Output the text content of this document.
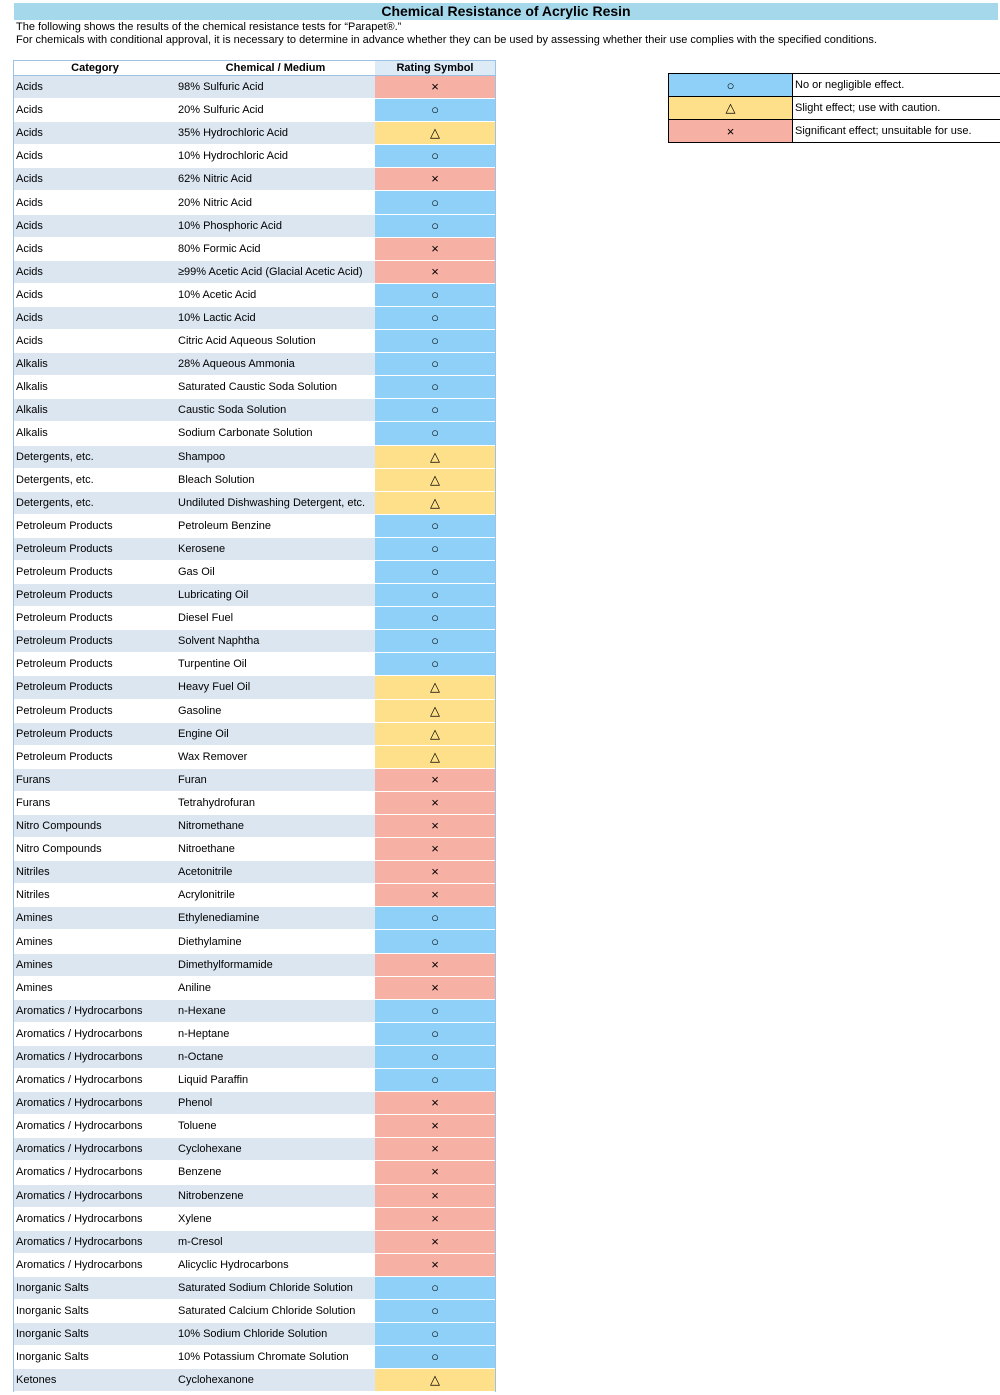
Chemical Resistance of Acrylic Resin
The following shows the results of the chemical resistance tests for “Parapet®.”
For chemicals with conditional approval, it is necessary to determine in advance whether they can be used by assessing whether their use complies with the specified conditions.
Category	Chemical / Medium	Rating Symbol
Acids	98% Sulfuric Acid	×
Acids	20% Sulfuric Acid	○
Acids	35% Hydrochloric Acid	△
Acids	10% Hydrochloric Acid	○
Acids	62% Nitric Acid	×
Acids	20% Nitric Acid	○
Acids	10% Phosphoric Acid	○
Acids	80% Formic Acid	×
Acids	≥99% Acetic Acid (Glacial Acetic Acid)	×
Acids	10% Acetic Acid	○
Acids	10% Lactic Acid	○
Acids	Citric Acid Aqueous Solution	○
Alkalis	28% Aqueous Ammonia	○
Alkalis	Saturated Caustic Soda Solution	○
Alkalis	Caustic Soda Solution	○
Alkalis	Sodium Carbonate Solution	○
Detergents, etc.	Shampoo	△
Detergents, etc.	Bleach Solution	△
Detergents, etc.	Undiluted Dishwashing Detergent, etc.	△
Petroleum Products	Petroleum Benzine	○
Petroleum Products	Kerosene	○
Petroleum Products	Gas Oil	○
Petroleum Products	Lubricating Oil	○
Petroleum Products	Diesel Fuel	○
Petroleum Products	Solvent Naphtha	○
Petroleum Products	Turpentine Oil	○
Petroleum Products	Heavy Fuel Oil	△
Petroleum Products	Gasoline	△
Petroleum Products	Engine Oil	△
Petroleum Products	Wax Remover	△
Furans	Furan	×
Furans	Tetrahydrofuran	×
Nitro Compounds	Nitromethane	×
Nitro Compounds	Nitroethane	×
Nitriles	Acetonitrile	×
Nitriles	Acrylonitrile	×
Amines	Ethylenediamine	○
Amines	Diethylamine	○
Amines	Dimethylformamide	×
Amines	Aniline	×
Aromatics / Hydrocarbons	n-Hexane	○
Aromatics / Hydrocarbons	n-Heptane	○
Aromatics / Hydrocarbons	n-Octane	○
Aromatics / Hydrocarbons	Liquid Paraffin	○
Aromatics / Hydrocarbons	Phenol	×
Aromatics / Hydrocarbons	Toluene	×
Aromatics / Hydrocarbons	Cyclohexane	×
Aromatics / Hydrocarbons	Benzene	×
Aromatics / Hydrocarbons	Nitrobenzene	×
Aromatics / Hydrocarbons	Xylene	×
Aromatics / Hydrocarbons	m-Cresol	×
Aromatics / Hydrocarbons	Alicyclic Hydrocarbons	×
Inorganic Salts	Saturated Sodium Chloride Solution	○
Inorganic Salts	Saturated Calcium Chloride Solution	○
Inorganic Salts	10% Sodium Chloride Solution	○
Inorganic Salts	10% Potassium Chromate Solution	○
Ketones	Cyclohexanone	△
○	No or negligible effect.
△	Slight effect; use with caution.
×	Significant effect; unsuitable for use.
